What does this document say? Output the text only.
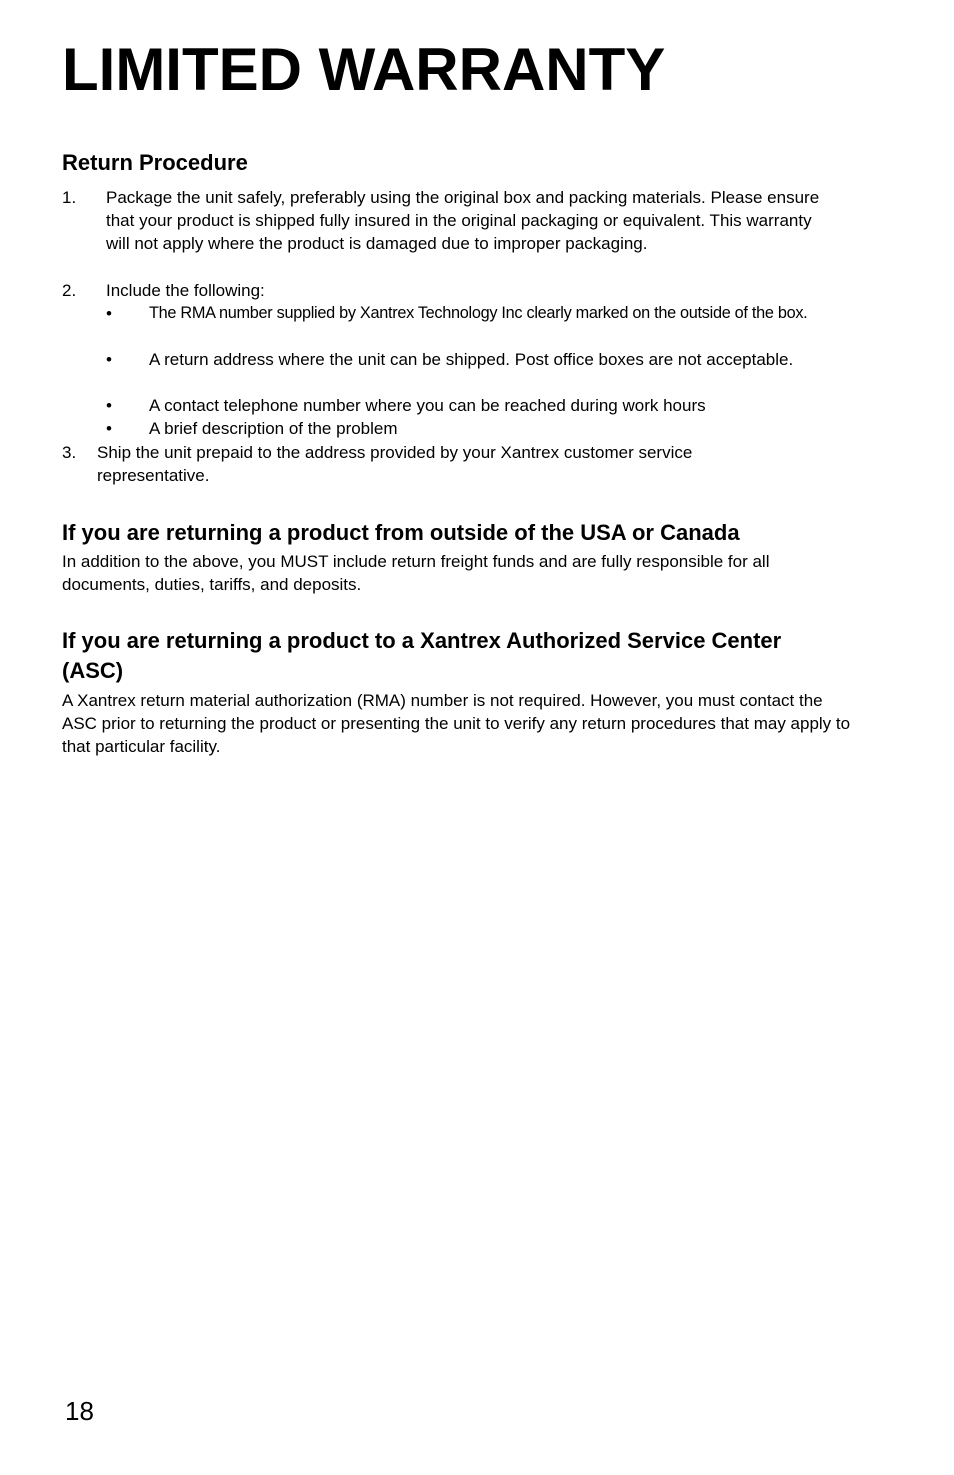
LIMITED WARRANTY
Return Procedure
1. Package the unit safely, preferably using the original box and packing materials. Please ensure that your product is shipped fully insured in the original packaging or equivalent. This warranty will not apply where the product is damaged due to improper packaging.
2. Include the following:
•	The RMA number supplied by Xantrex Technology Inc clearly marked on the outside of the box.
•	A return address where the unit can be shipped. Post office boxes are not acceptable.
•	A contact telephone number where you can be reached during work hours
•	A brief description of the problem
3. Ship the unit prepaid to the address provided by your Xantrex customer service representative.
If you are returning a product from outside of the USA or Canada

In addition to the above, you MUST include return freight funds and are fully responsible for all documents, duties, tariffs, and deposits.

If you are returning a product to a Xantrex Authorized Service Center (ASC)

A Xantrex return material authorization (RMA) number is not required. However, you must contact the ASC prior to returning the product or presenting the unit to verify any return procedures that may apply to that particular facility.

18
